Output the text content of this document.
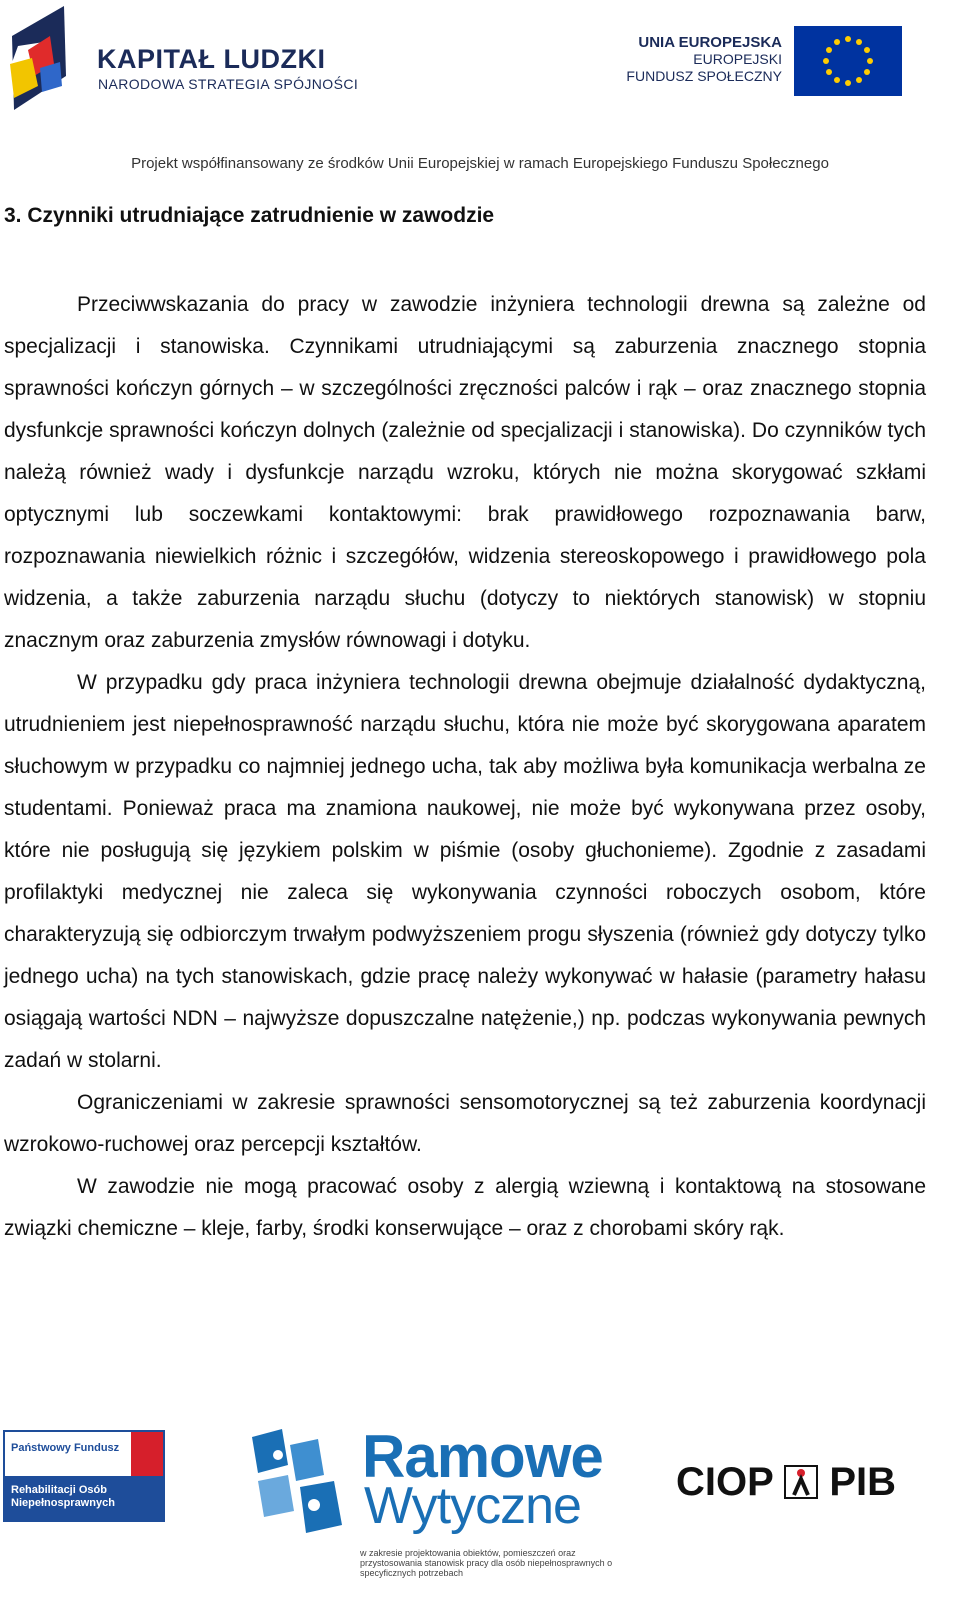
KAPITAŁ LUDZKI
NARODOWA STRATEGIA SPÓJNOŚCI
UNIA EUROPEJSKA
EUROPEJSKI
FUNDUSZ SPOŁECZNY
Projekt współfinansowany ze środków Unii Europejskiej w ramach Europejskiego Funduszu Społecznego
3. Czynniki utrudniające zatrudnienie w zawodzie

Przeciwwskazania do pracy w zawodzie inżyniera technologii drewna są zależne od specjalizacji i stanowiska. Czynnikami utrudniającymi są zaburzenia znacznego stopnia sprawności kończyn górnych – w szczególności zręczności palców i rąk – oraz znacznego stopnia dysfunkcje sprawności kończyn dolnych (zależnie od specjalizacji i stanowiska). Do czynników tych należą również wady i dysfunkcje narządu wzroku, których nie można skorygować szkłami optycznymi lub soczewkami kontaktowymi: brak prawidłowego rozpoznawania barw, rozpoznawania niewielkich różnic i szczegółów, widzenia stereoskopowego i prawidłowego pola widzenia, a także zaburzenia narządu słuchu (dotyczy to niektórych stanowisk) w stopniu znacznym oraz zaburzenia zmysłów równowagi i dotyku.

W przypadku gdy praca inżyniera technologii drewna obejmuje działalność dydaktyczną, utrudnieniem jest niepełnosprawność narządu słuchu, która nie może być skorygowana aparatem słuchowym w przypadku co najmniej jednego ucha, tak aby możliwa była komunikacja werbalna ze studentami. Ponieważ praca ma znamiona naukowej, nie może być wykonywana przez osoby, które nie posługują się językiem polskim w piśmie (osoby głuchonieme). Zgodnie z zasadami profilaktyki medycznej nie zaleca się wykonywania czynności roboczych osobom, które charakteryzują się odbiorczym trwałym podwyższeniem progu słyszenia (również gdy dotyczy tylko jednego ucha) na tych stanowiskach, gdzie pracę należy wykonywać w hałasie (parametry hałasu osiągają wartości NDN – najwyższe dopuszczalne natężenie,) np. podczas wykonywania pewnych zadań w stolarni.

Ograniczeniami w zakresie sprawności sensomotorycznej są też zaburzenia koordynacji wzrokowo-ruchowej oraz percepcji kształtów.

W zawodzie nie mogą pracować osoby z alergią wziewną i kontaktową na stosowane związki chemiczne – kleje, farby, środki konserwujące – oraz z chorobami skóry rąk.

Państwowy Fundusz
Rehabilitacji Osób Niepełnosprawnych
Ramowe
Wytyczne
w zakresie projektowania obiektów, pomieszczeń oraz przystosowania stanowisk pracy dla osób niepełnosprawnych o specyficznych potrzebach
CIOP PIB
